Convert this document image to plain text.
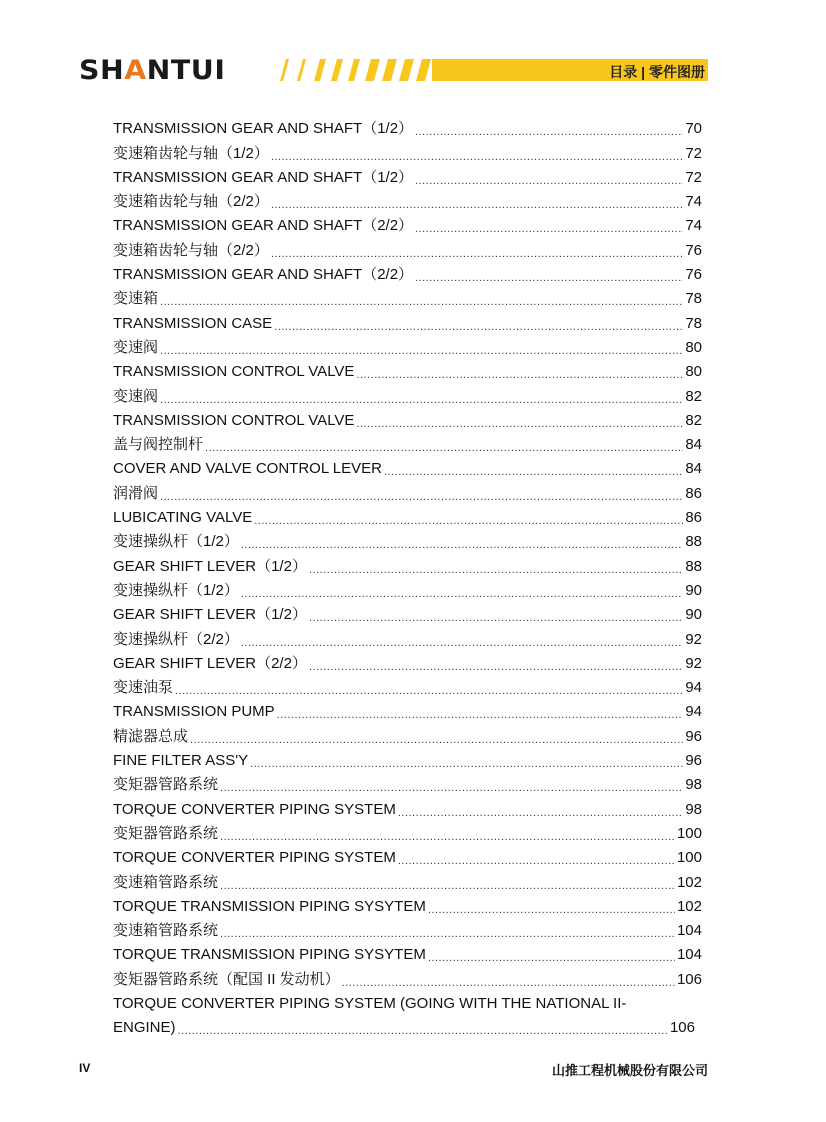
SHANTUI	目录 | 零件图册
TRANSMISSION GEAR AND SHAFT（1/2） .....	70
变速箱齿轮与轴（1/2） .....	72
TRANSMISSION GEAR AND SHAFT（1/2） .....	72
变速箱齿轮与轴（2/2） .....	74
TRANSMISSION GEAR AND SHAFT（2/2） .....	74
变速箱齿轮与轴（2/2） .....	76
TRANSMISSION GEAR AND SHAFT（2/2） .....	76
变速箱 .....	78
TRANSMISSION CASE .....	78
变速阀 .....	80
TRANSMISSION CONTROL VALVE .....	80
变速阀 .....	82
TRANSMISSION CONTROL VALVE .....	82
盖与阀控制杆 .....	84
COVER AND VALVE CONTROL LEVER .....	84
润滑阀 .....	86
LUBICATING VALVE .....	86
变速操纵杆（1/2） .....	88
GEAR SHIFT LEVER（1/2） .....	88
变速操纵杆（1/2） .....	90
GEAR SHIFT LEVER（1/2） .....	90
变速操纵杆（2/2） .....	92
GEAR SHIFT LEVER（2/2） .....	92
变速油泵 .....	94
TRANSMISSION PUMP .....	94
精滤器总成 .....	96
FINE FILTER ASS'Y .....	96
变矩器管路系统 .....	98
TORQUE CONVERTER PIPING SYSTEM .....	98
变矩器管路系统 .....	100
TORQUE CONVERTER PIPING SYSTEM .....	100
变速箱管路系统 .....	102
TORQUE TRANSMISSION PIPING SYSYTEM .....	102
变速箱管路系统 .....	104
TORQUE TRANSMISSION PIPING SYSYTEM .....	104
变矩器管路系统（配国 II 发动机） .....	106
TORQUE CONVERTER PIPING SYSTEM (GOING WITH THE NATIONAL II-
ENGINE) .....	106
IV	山推工程机械股份有限公司
